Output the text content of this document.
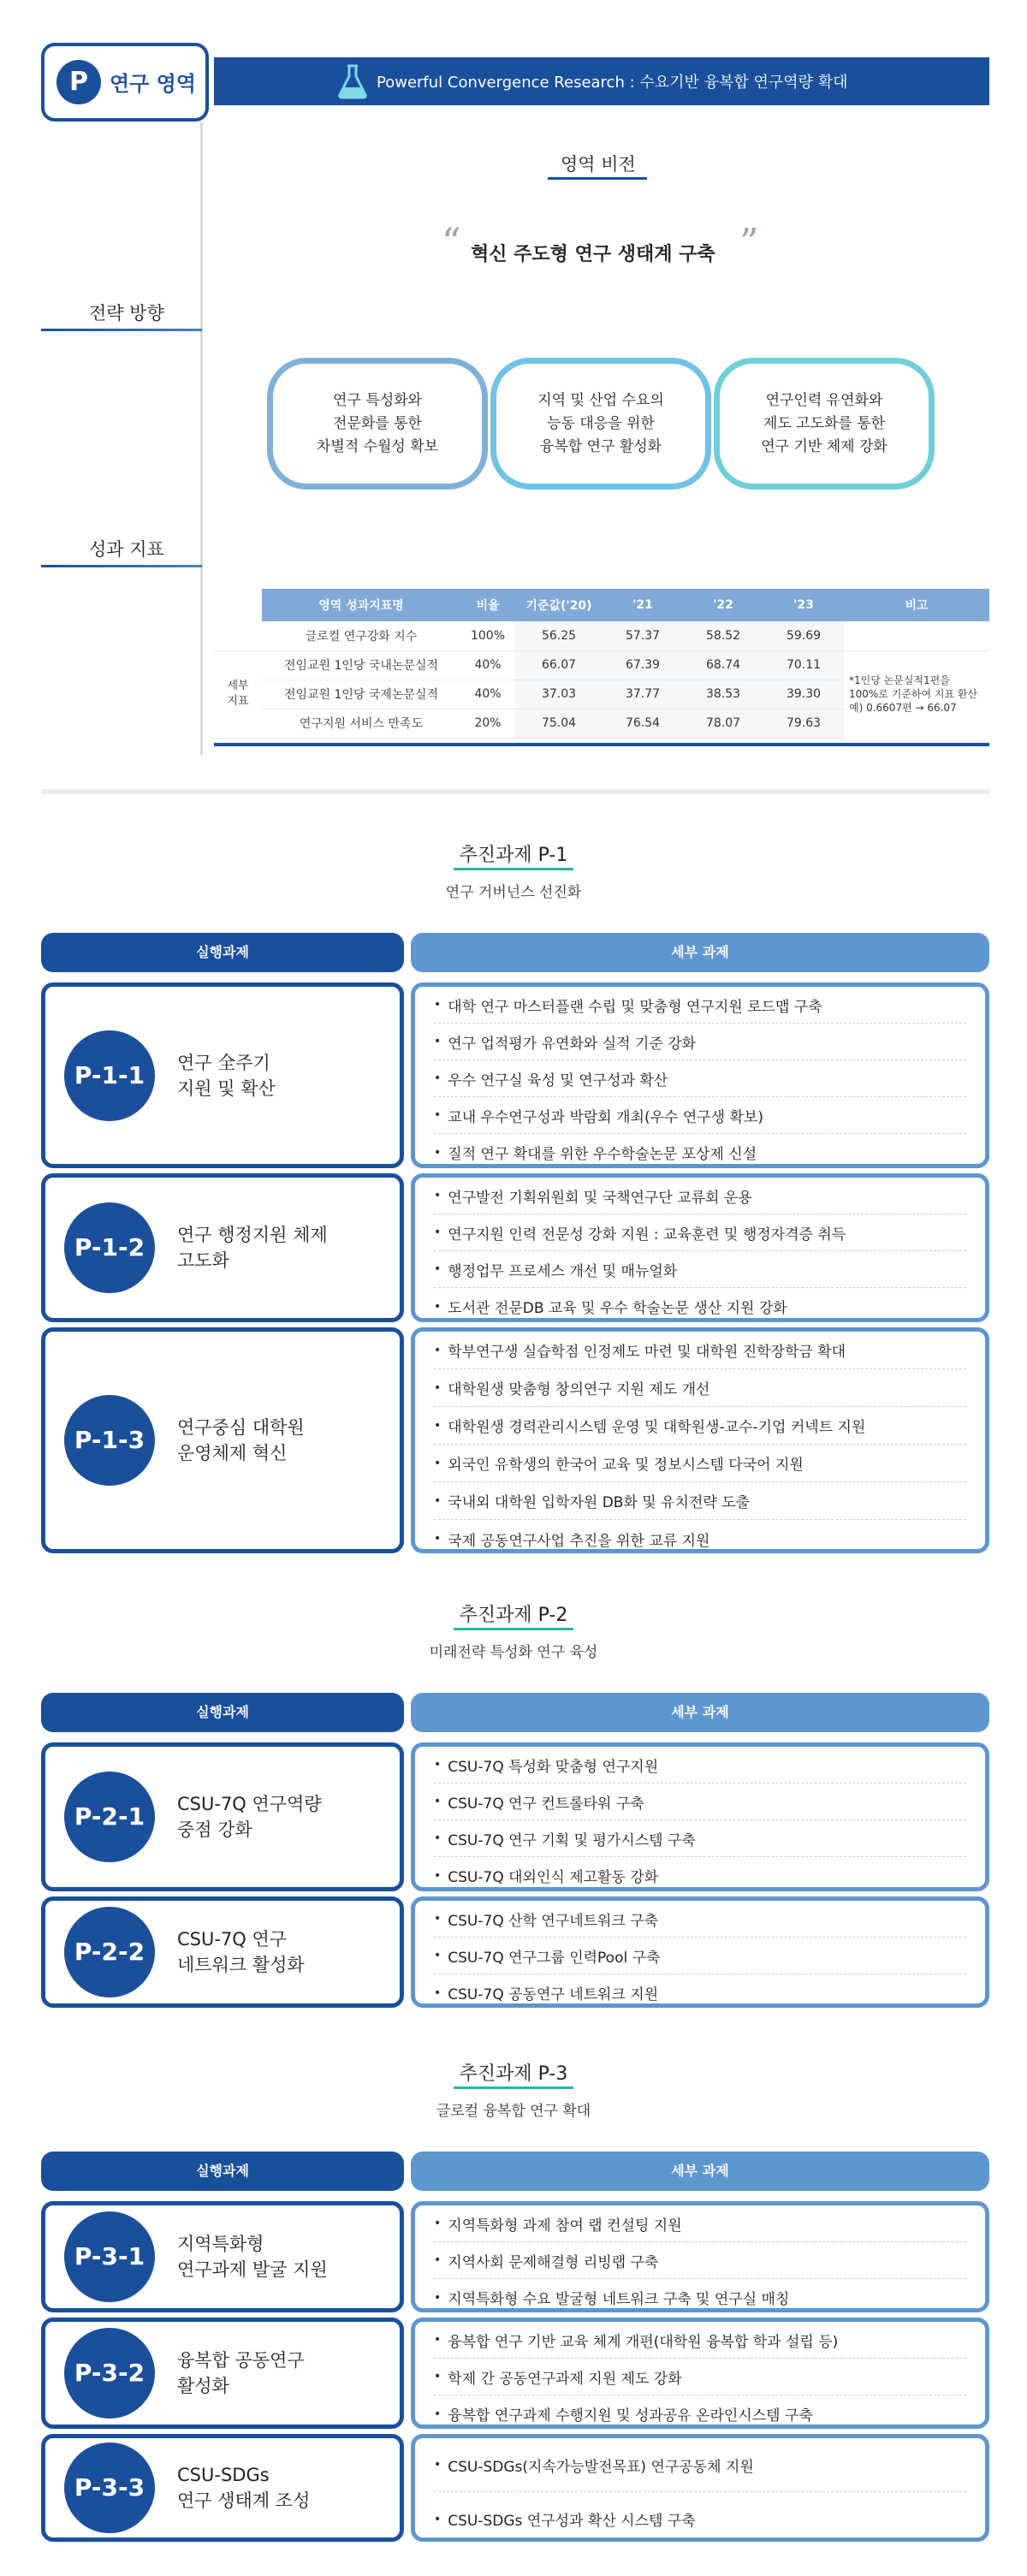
P	연구 영역	Powerful Convergence Research : 수요기반 융복합 연구역량 확대
영역 비전
“ 혁신 주도형 연구 생태계 구축 ”
전략 방향
연구 특성화와
전문화를 통한
차별적 수월성 확보
지역 및 산업 수요의
능동 대응을 위한
융복합 연구 활성화
연구인력 유연화와
제도 고도화를 통한
연구 기반 체제 강화
성과 지표
	영역 성과지표명	비율	기준값('20)	'21	'22	'23	비고
	글로컬 연구강화 지수	100%	56.25	57.37	58.52	59.69	
세부
지표	전임교원 1인당 국내논문실적	40%	66.07	67.39	68.74	70.11	*1인당 논문실적1편을
100%로 기준하여 지표 환산
예) 0.6607편 → 66.07
	전임교원 1인당 국제논문실적	40%	37.03	37.77	38.53	39.30	
	연구지원 서비스 만족도	20%	75.04	76.54	78.07	79.63	
추진과제 P-1
연구 거버넌스 선진화
실행과제	세부 과제
P-1-1	연구 全주기
지원 및 확산
• 대학 연구 마스터플랜 수립 및 맞춤형 연구지원 로드맵 구축
• 연구 업적평가 유연화와 실적 기준 강화
• 우수 연구실 육성 및 연구성과 확산
• 교내 우수연구성과 박람회 개최(우수 연구생 확보)
• 질적 연구 확대를 위한 우수학술논문 포상제 신설
P-1-2	연구 행정지원 체제
고도화
• 연구발전 기획위원회 및 국책연구단 교류회 운용
• 연구지원 인력 전문성 강화 지원 : 교육훈련 및 행정자격증 취득
• 행정업무 프로세스 개선 및 매뉴얼화
• 도서관 전문DB 교육 및 우수 학술논문 생산 지원 강화
P-1-3	연구중심 대학원
운영체제 혁신
• 학부연구생 실습학점 인정제도 마련 및 대학원 진학장학금 확대
• 대학원생 맞춤형 창의연구 지원 제도 개선
• 대학원생 경력관리시스템 운영 및 대학원생-교수-기업 커넥트 지원
• 외국인 유학생의 한국어 교육 및 정보시스템 다국어 지원
• 국내외 대학원 입학자원 DB화 및 유치전략 도출
• 국제 공동연구사업 추진을 위한 교류 지원
추진과제 P-2
미래전략 특성화 연구 육성
실행과제	세부 과제
P-2-1	CSU-7Q 연구역량
중점 강화
• CSU-7Q 특성화 맞춤형 연구지원
• CSU-7Q 연구 컨트롤타워 구축
• CSU-7Q 연구 기획 및 평가시스템 구축
• CSU-7Q 대외인식 제고활동 강화
P-2-2	CSU-7Q 연구
네트워크 활성화
• CSU-7Q 산학 연구네트워크 구축
• CSU-7Q 연구그룹 인력Pool 구축
• CSU-7Q 공동연구 네트워크 지원
추진과제 P-3
글로컬 융복합 연구 확대
실행과제	세부 과제
P-3-1	지역특화형
연구과제 발굴 지원
• 지역특화형 과제 참여 랩 컨설팅 지원
• 지역사회 문제해결형 리빙랩 구축
• 지역특화형 수요 발굴형 네트워크 구축 및 연구실 매칭
P-3-2	융복합 공동연구
활성화
• 융복합 연구 기반 교육 체계 개편(대학원 융복합 학과 설립 등)
• 학제 간 공동연구과제 지원 제도 강화
• 융복합 연구과제 수행지원 및 성과공유 온라인시스템 구축
P-3-3	CSU-SDGs
연구 생태계 조성
• CSU-SDGs(지속가능발전목표) 연구공동체 지원
• CSU-SDGs 연구성과 확산 시스템 구축
